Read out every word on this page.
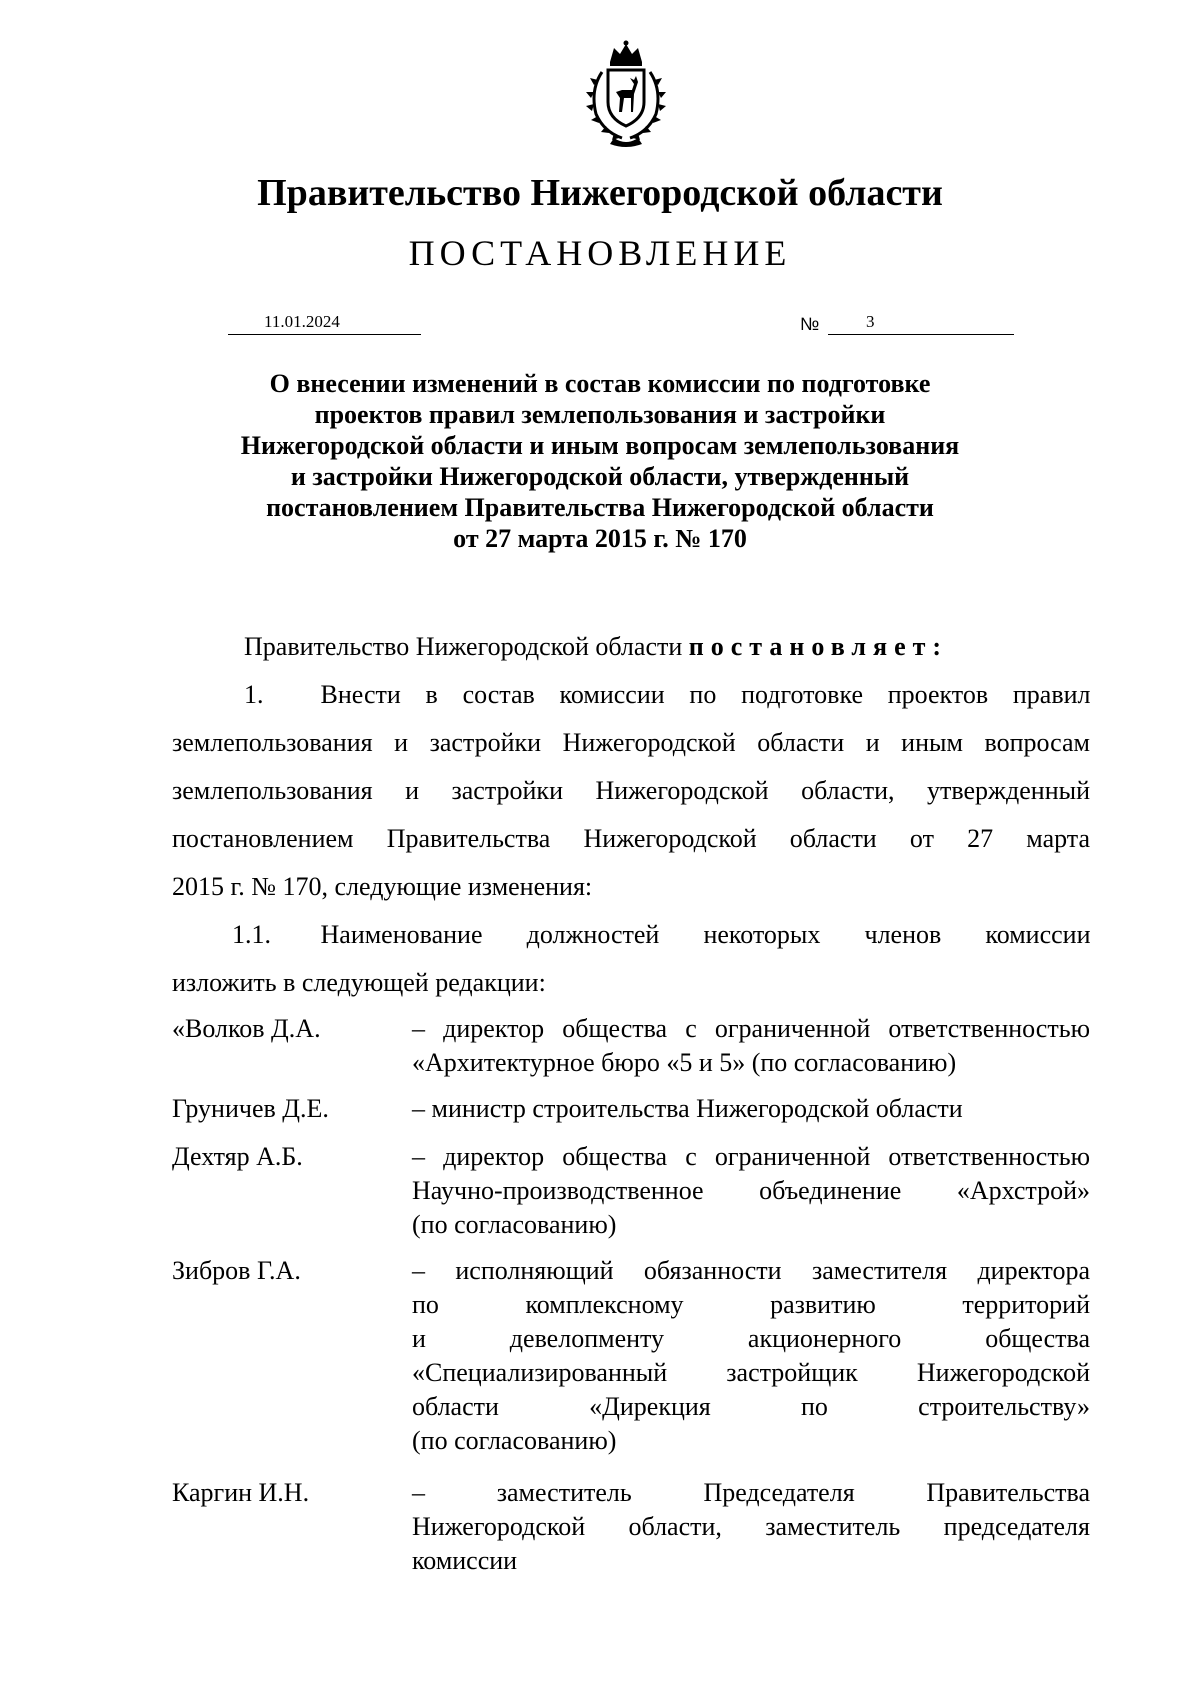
Правительство Нижегородской области
ПОСТАНОВЛЕНИЕ
11.01.2024	№	3
О внесении изменений в состав комиссии по подготовке
проектов правил землепользования и застройки
Нижегородской области и иным вопросам землепользования
и застройки Нижегородской области, утвержденный
постановлением Правительства Нижегородской области
от 27 марта 2015 г. № 170
Правительство Нижегородской области постановляет:
1. Внести в состав комиссии по подготовке проектов правил
землепользования и застройки Нижегородской области и иным вопросам
землепользования и застройки Нижегородской области, утвержденный
постановлением Правительства Нижегородской области от 27 марта
2015 г. № 170, следующие изменения:
1.1. Наименование должностей некоторых членов комиссии
изложить в следующей редакции:
«Волков Д.А.	– директор общества с ограниченной ответственностью
«Архитектурное бюро «5 и 5» (по согласованию)
Груничев Д.Е.	– министр строительства Нижегородской области
Дехтяр А.Б.	– директор общества с ограниченной ответственностью
Научно-производственное объединение «Архстрой»
(по согласованию)
Зибров Г.А.	– исполняющий обязанности заместителя директора
по комплексному развитию территорий
и девелопменту акционерного общества
«Специализированный застройщик Нижегородской
области «Дирекция по строительству»
(по согласованию)
Каргин И.Н.	– заместитель Председателя Правительства
Нижегородской области, заместитель председателя
комиссии
